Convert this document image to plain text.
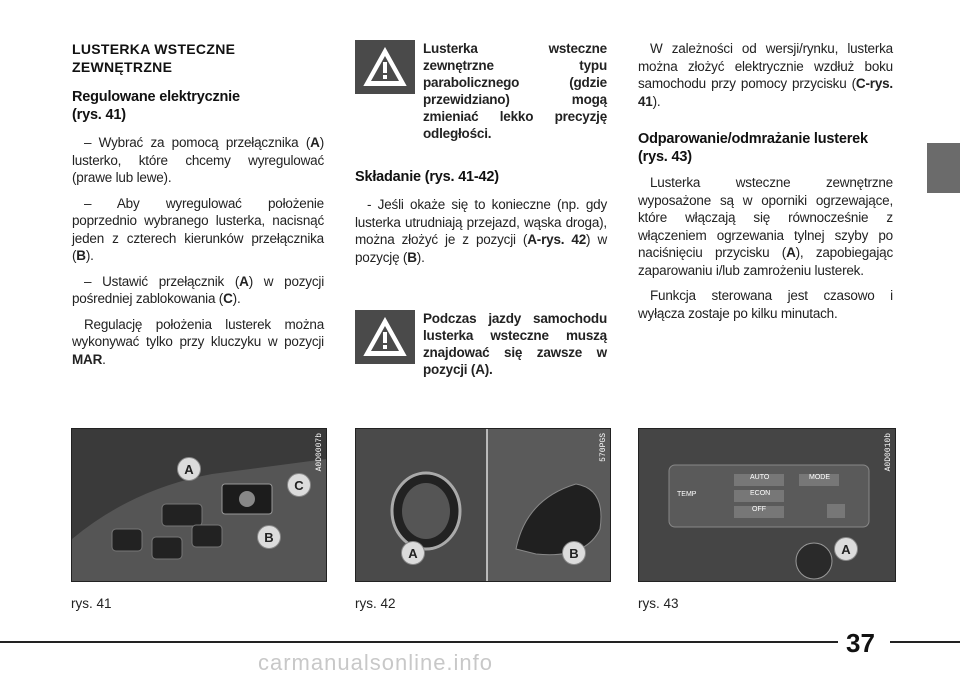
LUSTERKA WSTECZNE ZEWNĘTRZNE
Regulowane elektrycznie
(rys. 41)

– Wybrać za pomocą przełącznika (A) lusterko, które chcemy wyregulować (prawe lub lewe).

– Aby wyregulować położenie poprzednio wybranego lusterka, nacisnąć jeden z czterech kierunków przełącznika (B).

– Ustawić przełącznik (A) w pozycji pośredniej zablokowania (C).

Regulację położenia lusterek można wykonywać tylko przy kluczyku w pozycji MAR.

Lusterka wsteczne zewnętrzne typu parabolicznego (gdzie przewidziano) mogą zmieniać lekko precyzję odległości.
Składanie (rys. 41-42)

- Jeśli okaże się to konieczne (np. gdy lusterka utrudniają przejazd, wąska droga), można złożyć je z pozycji (A-rys. 42) w pozycję (B).

Podczas jazdy samochodu lusterka wsteczne muszą znajdować się zawsze w pozycji (A).

W zależności od wersji/rynku, lusterka można złożyć elektrycznie wzdłuż boku samochodu przy pomocy przycisku (C-rys. 41).

Odparowanie/odmrażanie lusterek (rys. 43)

Lusterka wsteczne zewnętrzne wyposażone są w oporniki ogrzewające, które włączają się równocześnie z włączeniem ogrzewania tylnej szyby po naciśnięciu przycisku (A), zapobiegając zaparowaniu i/lub zamrożeniu lusterek.

Funkcja sterowana jest czasowo i wyłącza zostaje po kilku minutach.

A0D0007b
A
C
B
rys. 41
570PGS
A	B
rys. 42
AUTO
ECON
OFF
MODE
TEMP
A0D0010b
A
rys. 43
37
carmanualsonline.info
